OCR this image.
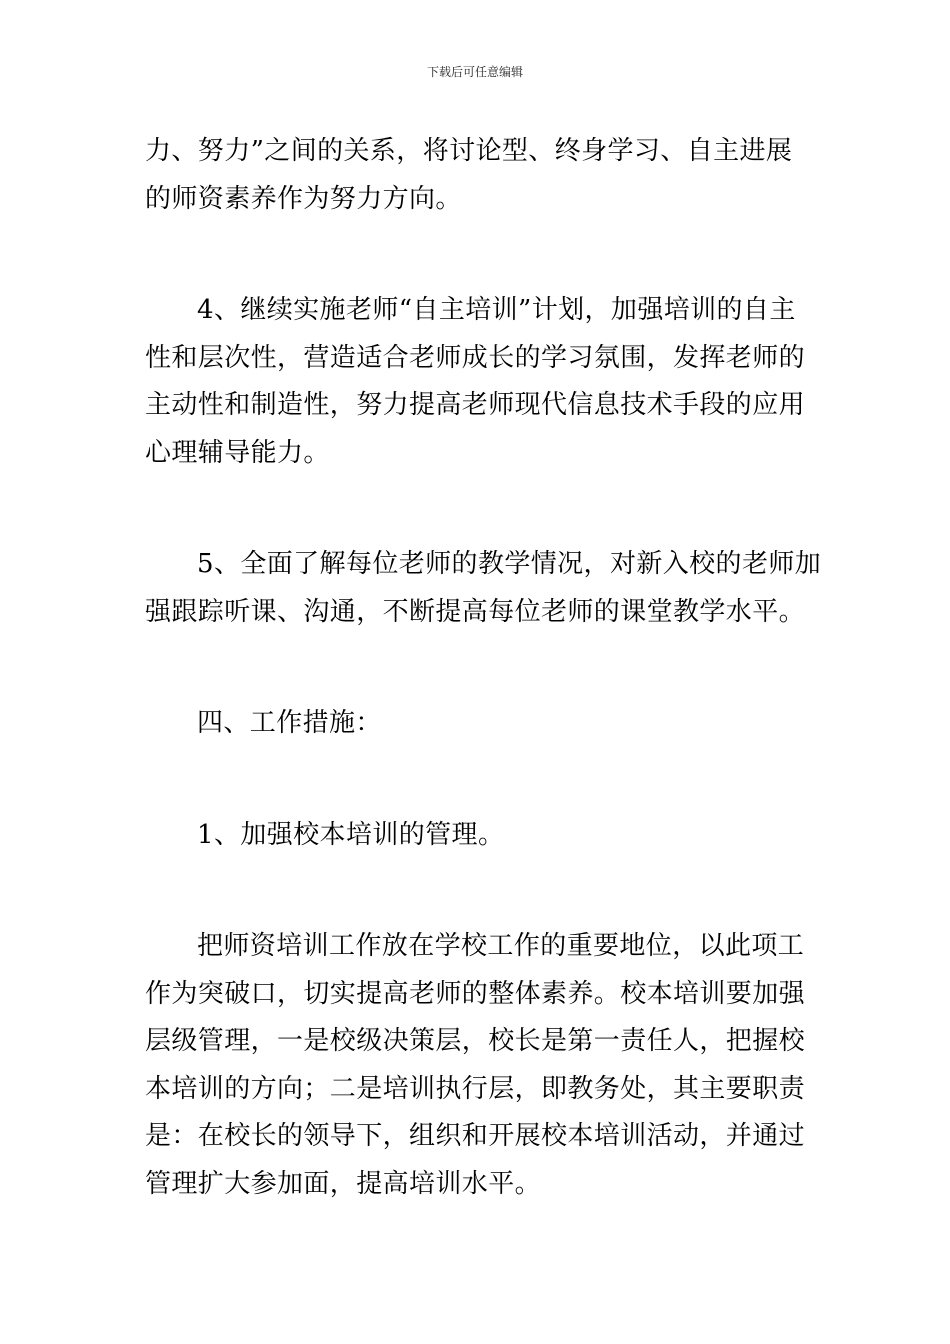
下载后可任意编辑

力、努力”之间的关系，将讨论型、终身学习、自主进展
的师资素养作为努力方向。

4、继续实施老师“自主培训”计划，加强培训的自主
性和层次性，营造适合老师成长的学习氛围，发挥老师的
主动性和制造性，努力提高老师现代信息技术手段的应用
心理辅导能力。

5、全面了解每位老师的教学情况，对新入校的老师加
强跟踪听课、沟通，不断提高每位老师的课堂教学水平。

四、工作措施：

1、加强校本培训的管理。

把师资培训工作放在学校工作的重要地位，以此项工
作为突破口，切实提高老师的整体素养。校本培训要加强
层级管理，一是校级决策层，校长是第一责任人，把握校
本培训的方向；二是培训执行层，即教务处，其主要职责
是：在校长的领导下，组织和开展校本培训活动，并通过
管理扩大参加面，提高培训水平。
